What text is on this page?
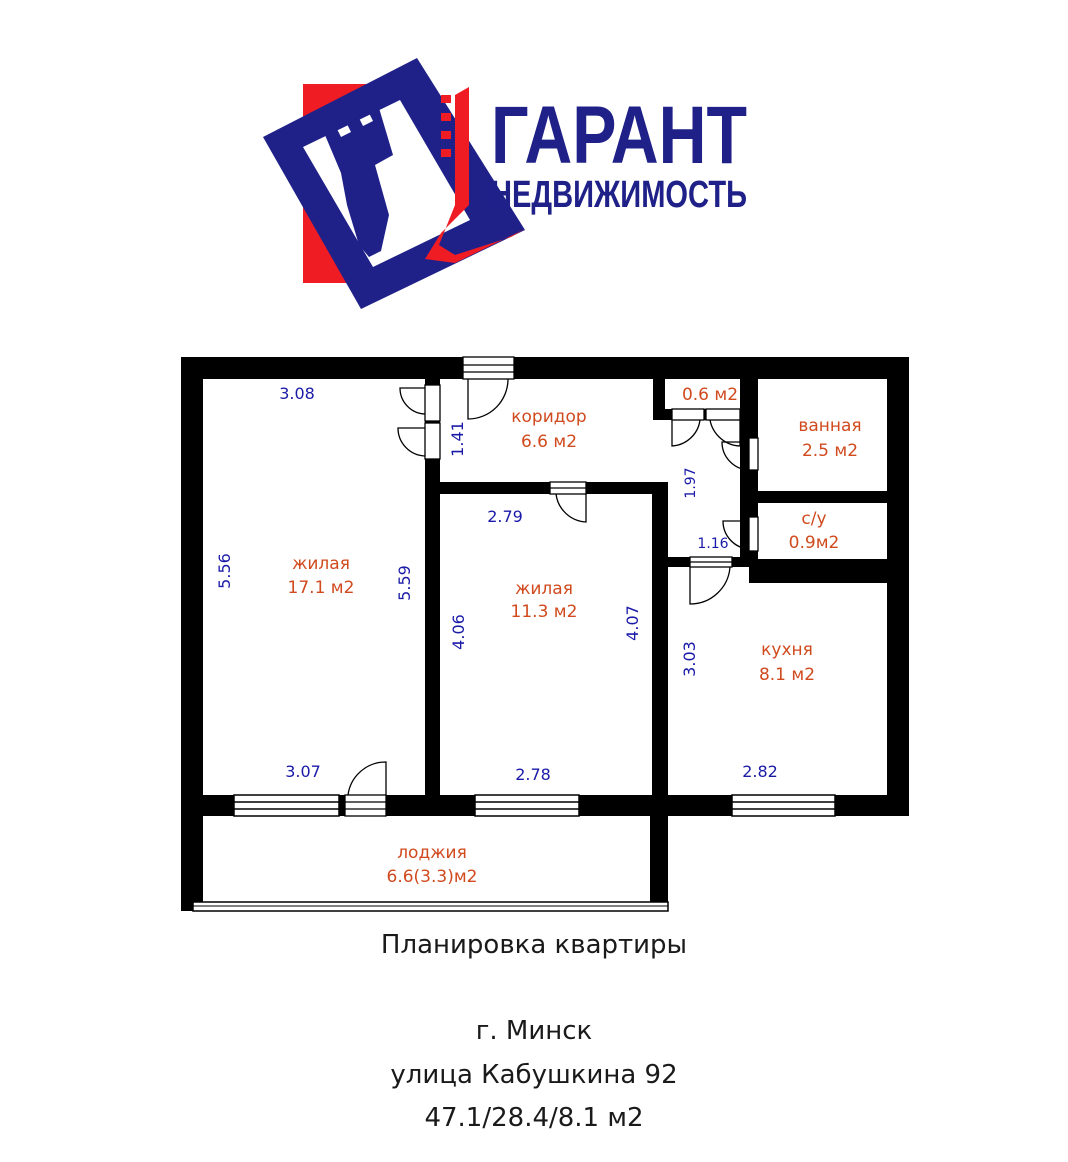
ГАРАНТ
НЕДВИЖИМОСТЬ
жилая
17.1 м2	жилая
11.3 м2
коридор
6.6 м2
0.6 м2
ванная
2.5 м2
с/у
0.9м2
кухня
8.1 м2
лоджия
6.6(3.3)м2
3.08
5.56	5.59
3.07
1.41
2.79
4.06	4.07
2.78
1.97
1.16
3.03
2.82
Планировка квартиры
г. Минск
улица Кабушкина 92
47.1/28.4/8.1 м2
